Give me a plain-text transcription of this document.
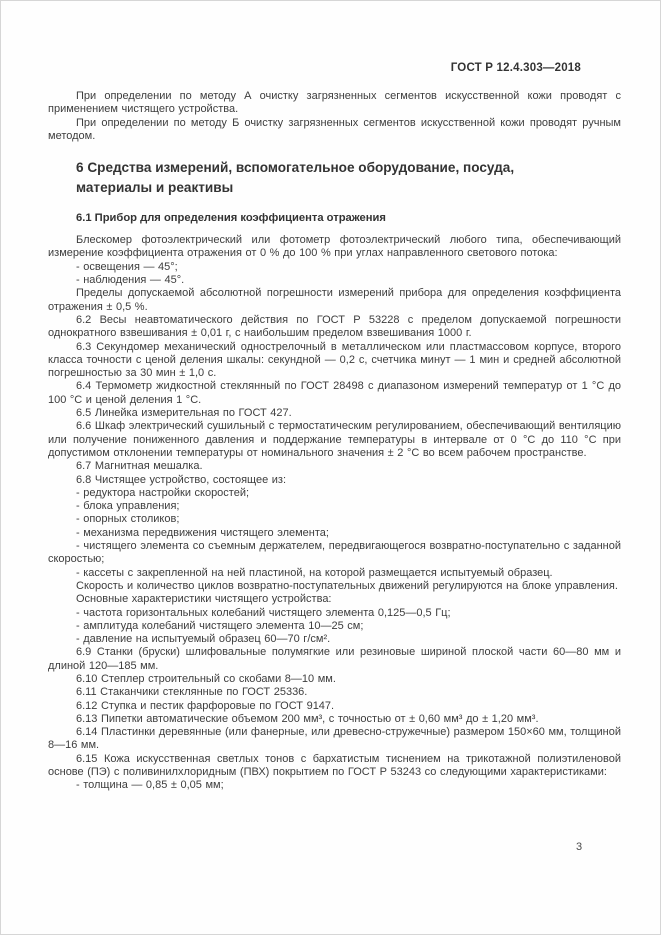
ГОСТ Р 12.4.303—2018

При определении по методу А очистку загрязненных сегментов искусственной кожи проводят с применением чистящего устройства.

При определении по методу Б очистку загрязненных сегментов искусственной кожи проводят ручным методом.

6 Средства измерений, вспомогательное оборудование, посуда, материалы и реактивы
6.1 Прибор для определения коэффициента отражения

Блескомер фотоэлектрический или фотометр фотоэлектрический любого типа, обеспечивающий измерение коэффициента отражения от 0 % до 100 % при углах направленного светового потока:

- освещения — 45°;

- наблюдения — 45°.

Пределы допускаемой абсолютной погрешности измерений прибора для определения коэффициента отражения ± 0,5 %.

6.2 Весы неавтоматического действия по ГОСТ Р 53228 с пределом допускаемой погрешности однократного взвешивания ± 0,01 г, с наибольшим пределом взвешивания 1000 г.

6.3 Секундомер механический однострелочный в металлическом или пластмассовом корпусе, второго класса точности с ценой деления шкалы: секундной — 0,2 с, счетчика минут — 1 мин и средней абсолютной погрешностью за 30 мин ± 1,0 с.

6.4 Термометр жидкостной стеклянный по ГОСТ 28498 с диапазоном измерений температур от 1 °С до 100 °С и ценой деления 1 °С.

6.5 Линейка измерительная по ГОСТ 427.

6.6 Шкаф электрический сушильный с термостатическим регулированием, обеспечивающий вентиляцию или получение пониженного давления и поддержание температуры в интервале от 0 °С до 110 °С при допустимом отклонении температуры от номинального значения ± 2 °С во всем рабочем пространстве.

6.7 Магнитная мешалка.

6.8 Чистящее устройство, состоящее из:

- редуктора настройки скоростей;

- блока управления;

- опорных столиков;

- механизма передвижения чистящего элемента;

- чистящего элемента со съемным держателем, передвигающегося возвратно-поступательно с заданной скоростью;

- кассеты с закрепленной на ней пластиной, на которой размещается испытуемый образец.

Скорость и количество циклов возвратно-поступательных движений регулируются на блоке управления.

Основные характеристики чистящего устройства:

- частота горизонтальных колебаний чистящего элемента 0,125—0,5 Гц;

- амплитуда колебаний чистящего элемента 10—25 см;

- давление на испытуемый образец 60—70 г/см².

6.9 Станки (бруски) шлифовальные полумягкие или резиновые шириной плоской части 60—80 мм и длиной 120—185 мм.

6.10 Степлер строительный со скобами 8—10 мм.

6.11 Стаканчики стеклянные по ГОСТ 25336.

6.12 Ступка и пестик фарфоровые по ГОСТ 9147.

6.13 Пипетки автоматические объемом 200 мм³, с точностью от ± 0,60 мм³ до ± 1,20 мм³.

6.14 Пластинки деревянные (или фанерные, или древесно-стружечные) размером 150×60 мм, толщиной 8—16 мм.

6.15 Кожа искусственная светлых тонов с бархатистым тиснением на трикотажной полиэтиленовой основе (ПЭ) с поливинилхлоридным (ПВХ) покрытием по ГОСТ Р 53243 со следующими характеристиками:

- толщина — 0,85 ± 0,05 мм;

3
